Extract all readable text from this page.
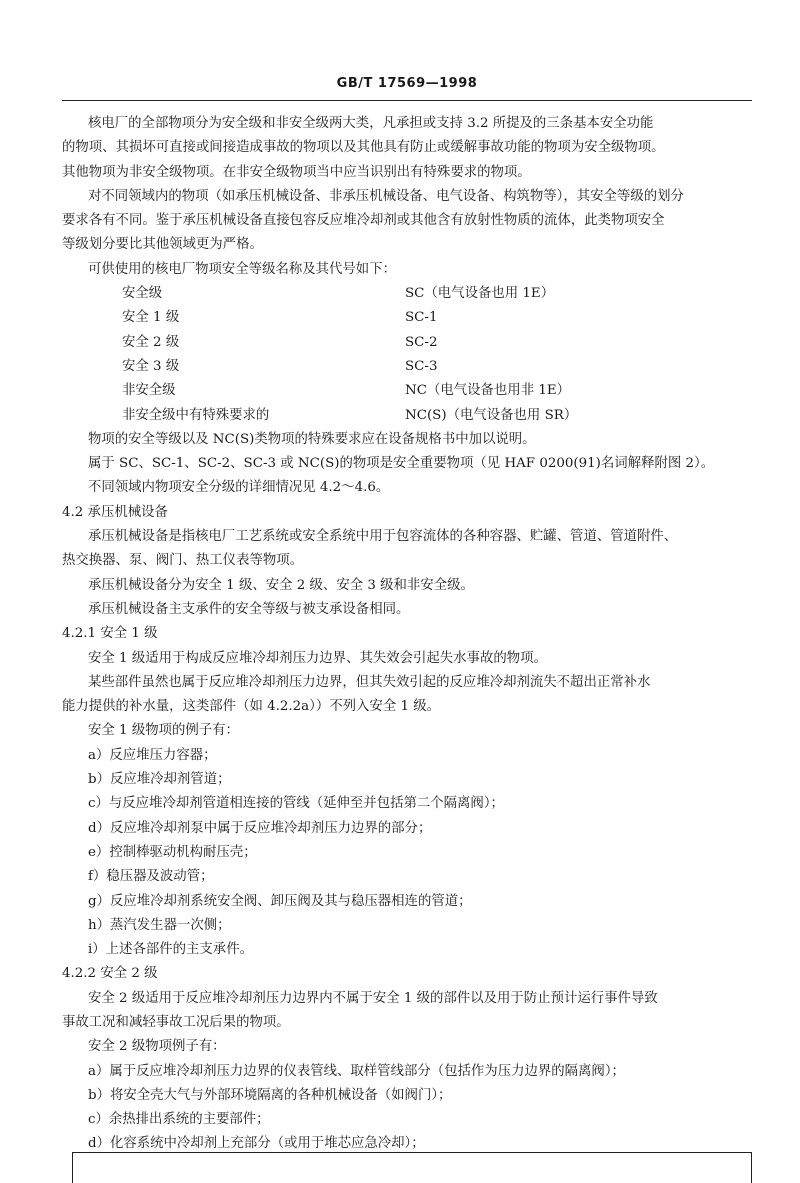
GB/T 17569—1998
核电厂的全部物项分为安全级和非安全级两大类，凡承担或支持 3.2 所提及的三条基本安全功能
的物项、其损坏可直接或间接造成事故的物项以及其他具有防止或缓解事故功能的物项为安全级物项。
其他物项为非安全级物项。在非安全级物项当中应当识别出有特殊要求的物项。
对不同领域内的物项（如承压机械设备、非承压机械设备、电气设备、构筑物等），其安全等级的划分
要求各有不同。鉴于承压机械设备直接包容反应堆冷却剂或其他含有放射性物质的流体，此类物项安全
等级划分要比其他领域更为严格。
可供使用的核电厂物项安全等级名称及其代号如下：
安全级	SC（电气设备也用 1E）
安全 1 级	SC-1
安全 2 级	SC-2
安全 3 级	SC-3
非安全级	NC（电气设备也用非 1E）
非安全级中有特殊要求的	NC(S)（电气设备也用 SR）
物项的安全等级以及 NC(S)类物项的特殊要求应在设备规格书中加以说明。
属于 SC、SC-1、SC-2、SC-3 或 NC(S)的物项是安全重要物项（见 HAF 0200(91)名词解释附图 2）。
不同领域内物项安全分级的详细情况见 4.2～4.6。
4.2 承压机械设备
承压机械设备是指核电厂工艺系统或安全系统中用于包容流体的各种容器、贮罐、管道、管道附件、
热交换器、泵、阀门、热工仪表等物项。
承压机械设备分为安全 1 级、安全 2 级、安全 3 级和非安全级。
承压机械设备主支承件的安全等级与被支承设备相同。
4.2.1 安全 1 级
安全 1 级适用于构成反应堆冷却剂压力边界、其失效会引起失水事故的物项。
某些部件虽然也属于反应堆冷却剂压力边界，但其失效引起的反应堆冷却剂流失不超出正常补水
能力提供的补水量，这类部件（如 4.2.2a））不列入安全 1 级。
安全 1 级物项的例子有：
a）反应堆压力容器；
b）反应堆冷却剂管道；
c）与反应堆冷却剂管道相连接的管线（延伸至并包括第二个隔离阀）；
d）反应堆冷却剂泵中属于反应堆冷却剂压力边界的部分；
e）控制棒驱动机构耐压壳；
f）稳压器及波动管；
g）反应堆冷却剂系统安全阀、卸压阀及其与稳压器相连的管道；
h）蒸汽发生器一次侧；
i）上述各部件的主支承件。
4.2.2 安全 2 级
安全 2 级适用于反应堆冷却剂压力边界内不属于安全 1 级的部件以及用于防止预计运行事件导致
事故工况和减轻事故工况后果的物项。
安全 2 级物项例子有：
a）属于反应堆冷却剂压力边界的仪表管线、取样管线部分（包括作为压力边界的隔离阀）；
b）将安全壳大气与外部环境隔离的各种机械设备（如阀门）；
c）余热排出系统的主要部件；
d）化容系统中冷却剂上充部分（或用于堆芯应急冷却）；
